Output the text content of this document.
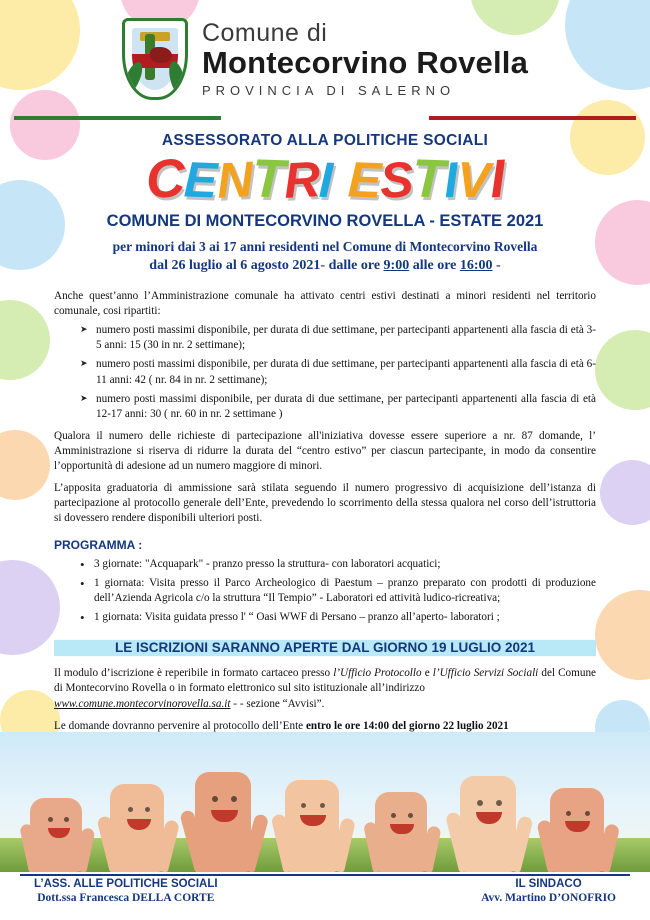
Comune di
Montecorvino Rovella
PROVINCIA DI SALERNO
ASSESSORATO ALLA POLITICHE SOCIALI
CENTRI ESTIVI
COMUNE DI MONTECORVINO ROVELLA - ESTATE 2021
per minori dai 3 ai 17 anni residenti nel Comune di Montecorvino Rovella
dal 26 luglio al 6 agosto 2021- dalle ore 9:00 alle ore 16:00 -

Anche quest’anno l’Amministrazione comunale ha attivato centri estivi destinati a minori residenti nel territorio comunale, cosi ripartiti:

➤ numero posti massimi disponibile, per durata di due settimane, per partecipanti appartenenti alla fascia di età 3-5 anni: 15 (30 in nr. 2 settimane);
➤ numero posti massimi disponibile, per durata di due settimane, per partecipanti appartenenti alla fascia di età 6-11 anni: 42 ( nr. 84 in nr. 2 settimane);
➤ numero posti massimi disponibile, per durata di due settimane, per partecipanti appartenenti alla fascia di età 12-17 anni: 30 ( nr. 60 in nr. 2 settimane )

Qualora il numero delle richieste di partecipazione all'iniziativa dovesse essere superiore a nr. 87 domande, l’ Amministrazione si riserva di ridurre la durata del “centro estivo” per ciascun partecipante, in modo da consentire l’opportunità di adesione ad un numero maggiore di minori.

L’apposita graduatoria di ammissione sarà stilata seguendo il numero progressivo di acquisizione dell’istanza di partecipazione al protocollo generale dell’Ente, prevedendo lo scorrimento della stessa qualora nel corso dell’istruttoria si dovessero rendere disponibili ulteriori posti.

PROGRAMMA :
• 3 giornate: "Acquapark" - pranzo presso la struttura- con laboratori acquatici;
• 1 giornata: Visita presso il Parco Archeologico di Paestum – pranzo preparato con prodotti di produzione dell’Azienda Agricola c/o la struttura “Il Tempio” - Laboratori ed attività ludico-ricreativa;
• 1 giornata: Visita guidata presso l' “ Oasi WWF di Persano – pranzo all’aperto- laboratori ;
LE ISCRIZIONI SARANNO APERTE DAL GIORNO 19 LUGLIO 2021

Il modulo d’iscrizione è reperibile in formato cartaceo presso l’Ufficio Protocollo e l’Ufficio Servizi Sociali del Comune di Montecorvino Rovella o in formato elettronico sul sito istituzionale all’indirizzo
www.comune.montecorvinorovella.sa.it - - sezione “Avvisi”.

Le domande dovranno pervenire al protocollo dell’Ente entro le ore 14:00 del giorno 22 luglio 2021

•
•
L’ASS. ALLE POLITICHE SOCIALI
Dott.ssa Francesca DELLA CORTE
IL SINDACO
Avv. Martino D’ONOFRIO
